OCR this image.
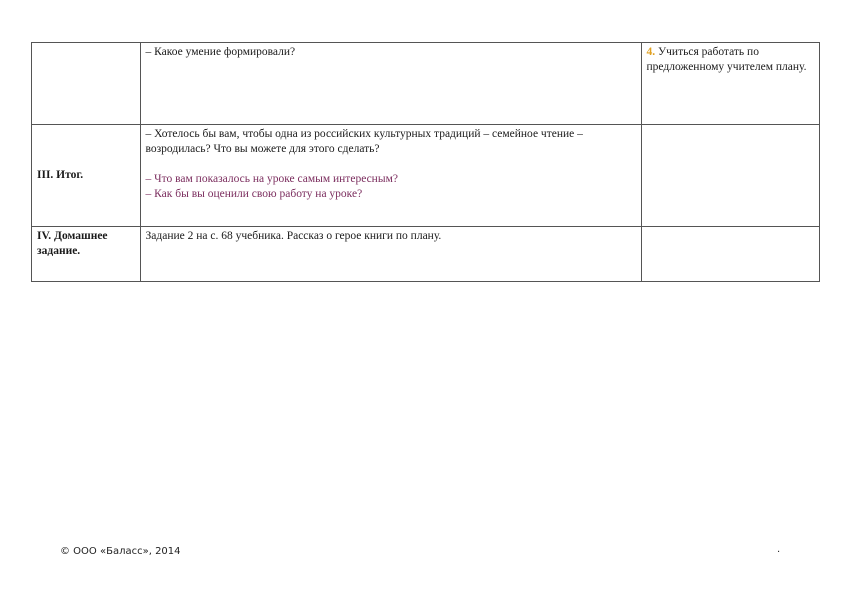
	– Какое умение формировали?	4. Учиться работать по предложенному учителем плану.
III. Итог.	– Хотелось бы вам, чтобы одна из российских культурных традиций – семейное чтение – возродилась? Что вы можете для этого сделать?
– Что вам показалось на уроке самым интересным?
– Как бы вы оценили свою работу на уроке?	

IV. Домашнее задание.	Задание 2 на с. 68 учебника. Рассказ о герое книги по плану.	

© ООО «Баласс», 2014	.
